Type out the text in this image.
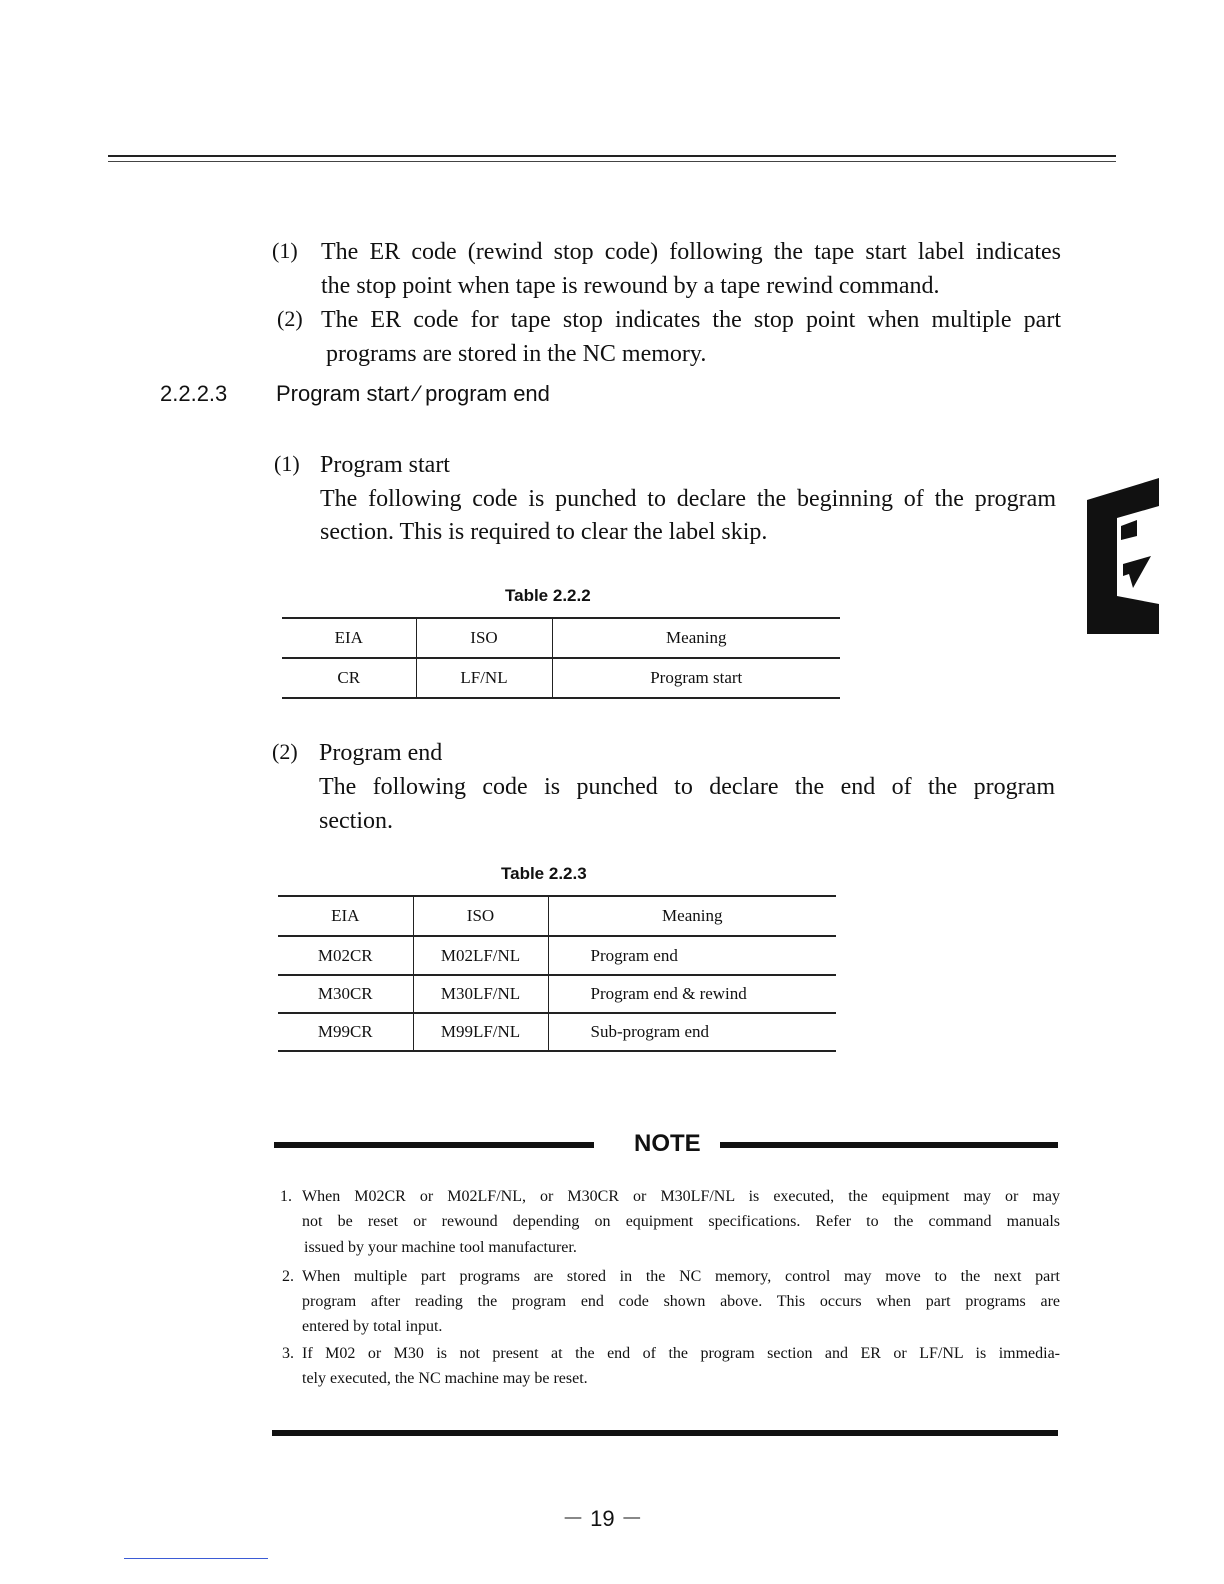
(1) The ER code (rewind stop code) following the tape start label indicates
the stop point when tape is rewound by a tape rewind command.
(2) The ER code for tape stop indicates the stop point when multiple part
programs are stored in the NC memory.
2.2.2.3 Program start ⁄ program end
(1) Program start
The following code is punched to declare the beginning of the program
section. This is required to clear the label skip.
Table 2.2.2
EIA	ISO	Meaning
CR	LF/NL	Program start
(2) Program end
The following code is punched to declare the end of the program
section.
Table 2.2.3
EIA	ISO	Meaning
M02CR	M02LF/NL	Program end
M30CR	M30LF/NL	Program end & rewind
M99CR	M99LF/NL	Sub-program end
NOTE
1. When M02CR or M02LF/NL, or M30CR or M30LF/NL is executed, the equipment may or may
not be reset or rewound depending on equipment specifications. Refer to the command manuals
issued by your machine tool manufacturer.
2. When multiple part programs are stored in the NC memory, control may move to the next part
program after reading the program end code shown above. This occurs when part programs are
entered by total input.
3. If M02 or M30 is not present at the end of the program section and ER or LF/NL is immedia-
tely executed, the NC machine may be reset.
－ 19 －
